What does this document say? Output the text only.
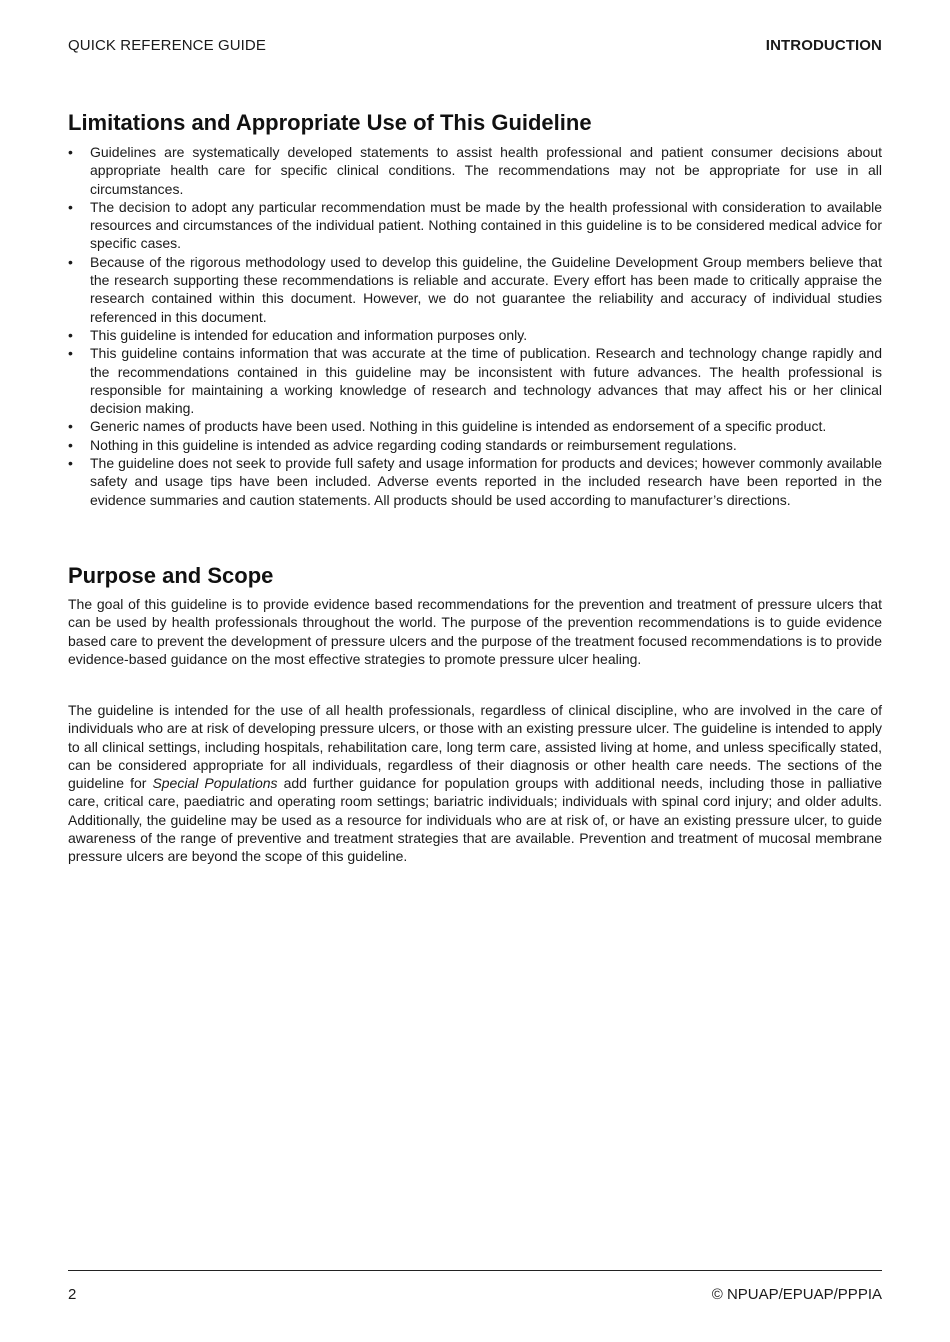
QUICK REFERENCE GUIDE	INTRODUCTION
Limitations and Appropriate Use of This Guideline
• Guidelines are systematically developed statements to assist health professional and patient consumer decisions about appropriate health care for specific clinical conditions. The recommendations may not be appropriate for use in all circumstances.
• The decision to adopt any particular recommendation must be made by the health professional with consideration to available resources and circumstances of the individual patient. Nothing contained in this guideline is to be considered medical advice for specific cases.
• Because of the rigorous methodology used to develop this guideline, the Guideline Development Group members believe that the research supporting these recommendations is reliable and accurate. Every effort has been made to critically appraise the research contained within this document. However, we do not guarantee the reliability and accuracy of individual studies referenced in this document.
• This guideline is intended for education and information purposes only.
• This guideline contains information that was accurate at the time of publication. Research and technology change rapidly and the recommendations contained in this guideline may be inconsistent with future advances. The health professional is responsible for maintaining a working knowledge of research and technology advances that may affect his or her clinical decision making.
• Generic names of products have been used. Nothing in this guideline is intended as endorsement of a specific product.
• Nothing in this guideline is intended as advice regarding coding standards or reimbursement regulations.
• The guideline does not seek to provide full safety and usage information for products and devices; however commonly available safety and usage tips have been included. Adverse events reported in the included research have been reported in the evidence summaries and caution statements. All products should be used according to manufacturer’s directions.
Purpose and Scope

The goal of this guideline is to provide evidence based recommendations for the prevention and treatment of pressure ulcers that can be used by health professionals throughout the world. The purpose of the prevention recommendations is to guide evidence based care to prevent the development of pressure ulcers and the purpose of the treatment focused recommendations is to provide evidence-based guidance on the most effective strategies to promote pressure ulcer healing.

The guideline is intended for the use of all health professionals, regardless of clinical discipline, who are involved in the care of individuals who are at risk of developing pressure ulcers, or those with an existing pressure ulcer. The guideline is intended to apply to all clinical settings, including hospitals, rehabilitation care, long term care, assisted living at home, and unless specifically stated, can be considered appropriate for all individuals, regardless of their diagnosis or other health care needs. The sections of the guideline for Special Populations add further guidance for population groups with additional needs, including those in palliative care, critical care, paediatric and operating room settings; bariatric individuals; individuals with spinal cord injury; and older adults. Additionally, the guideline may be used as a resource for individuals who are at risk of, or have an existing pressure ulcer, to guide awareness of the range of preventive and treatment strategies that are available. Prevention and treatment of mucosal membrane pressure ulcers are beyond the scope of this guideline.

2	© NPUAP/EPUAP/PPPIA
